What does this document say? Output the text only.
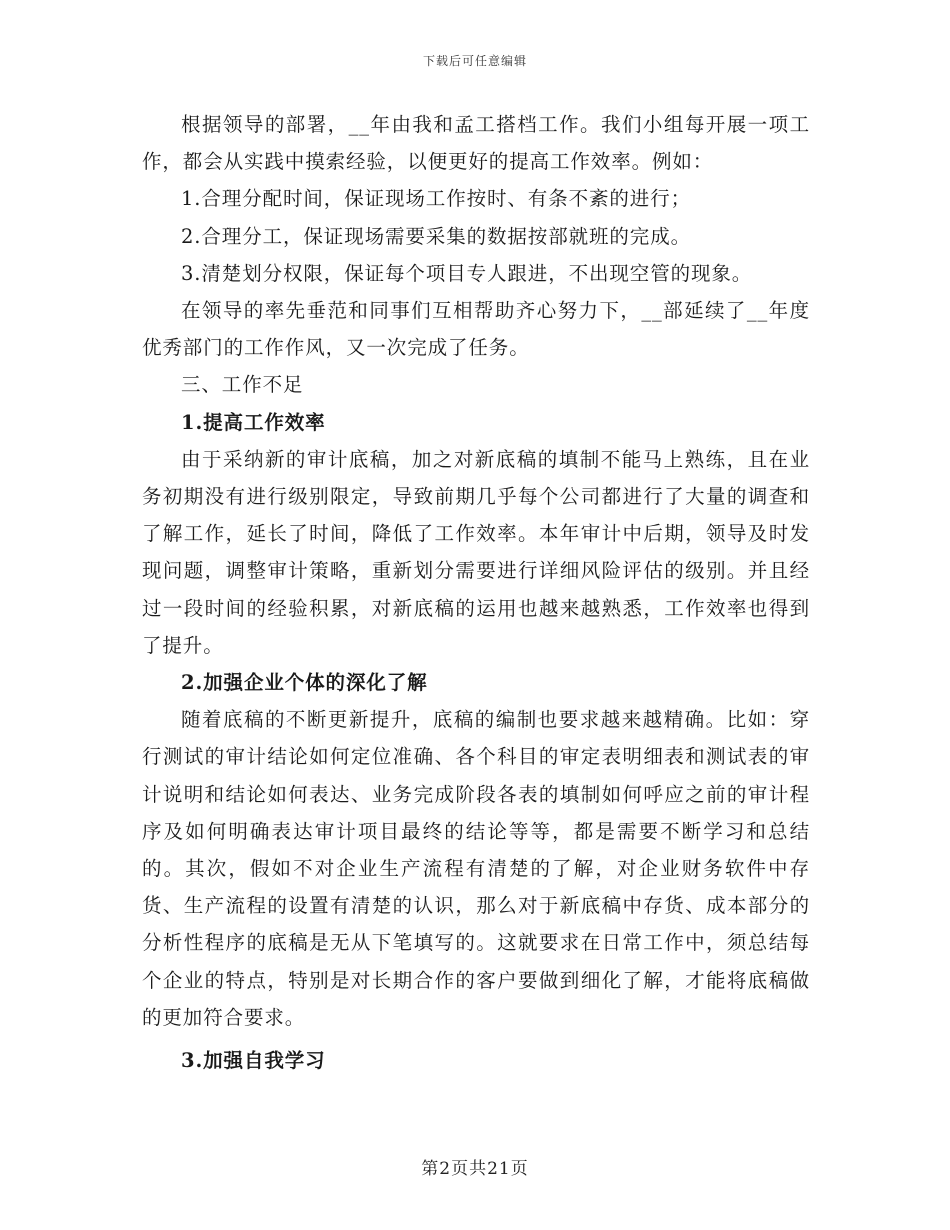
下载后可任意编辑

根据领导的部署，__年由我和孟工搭档工作。我们小组每开展一项工作，都会从实践中摸索经验，以便更好的提高工作效率。例如：

1.合理分配时间，保证现场工作按时、有条不紊的进行；

2.合理分工，保证现场需要采集的数据按部就班的完成。

3.清楚划分权限，保证每个项目专人跟进，不出现空管的现象。

在领导的率先垂范和同事们互相帮助齐心努力下，__部延续了__年度优秀部门的工作作风，又一次完成了任务。

三、工作不足

1.提高工作效率

由于采纳新的审计底稿，加之对新底稿的填制不能马上熟练，且在业务初期没有进行级别限定，导致前期几乎每个公司都进行了大量的调查和了解工作，延长了时间，降低了工作效率。本年审计中后期，领导及时发现问题，调整审计策略，重新划分需要进行详细风险评估的级别。并且经过一段时间的经验积累，对新底稿的运用也越来越熟悉，工作效率也得到了提升。

2.加强企业个体的深化了解

随着底稿的不断更新提升，底稿的编制也要求越来越精确。比如：穿行测试的审计结论如何定位准确、各个科目的审定表明细表和测试表的审计说明和结论如何表达、业务完成阶段各表的填制如何呼应之前的审计程序及如何明确表达审计项目最终的结论等等，都是需要不断学习和总结的。其次，假如不对企业生产流程有清楚的了解，对企业财务软件中存货、生产流程的设置有清楚的认识，那么对于新底稿中存货、成本部分的分析性程序的底稿是无从下笔填写的。这就要求在日常工作中，须总结每个企业的特点，特别是对长期合作的客户要做到细化了解，才能将底稿做的更加符合要求。

3.加强自我学习

第2页共21页
